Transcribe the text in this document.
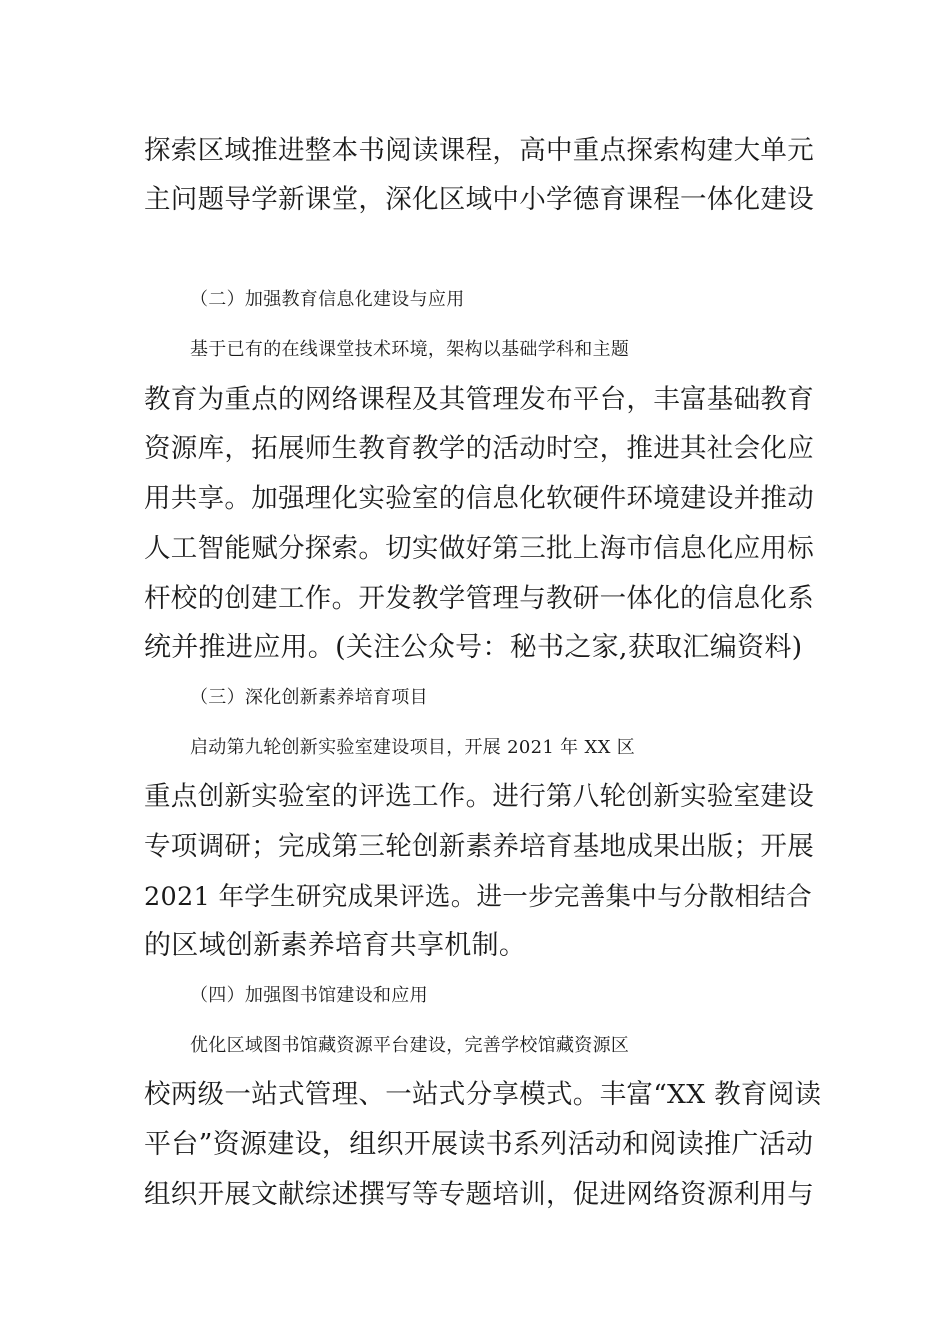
探索区域推进整本书阅读课程，高中重点探索构建大单元
主问题导学新课堂，深化区域中小学德育课程一体化建设
（二）加强教育信息化建设与应用
基于已有的在线课堂技术环境，架构以基础学科和主题
教育为重点的网络课程及其管理发布平台，丰富基础教育
资源库，拓展师生教育教学的活动时空，推进其社会化应
用共享。加强理化实验室的信息化软硬件环境建设并推动
人工智能赋分探索。切实做好第三批上海市信息化应用标
杆校的创建工作。开发教学管理与教研一体化的信息化系
统并推进应用。(关注公众号：秘书之家,获取汇编资料)
（三）深化创新素养培育项目
启动第九轮创新实验室建设项目，开展 2021 年 XX 区
重点创新实验室的评选工作。进行第八轮创新实验室建设
专项调研；完成第三轮创新素养培育基地成果出版；开展
2021 年学生研究成果评选。进一步完善集中与分散相结合
的区域创新素养培育共享机制。
（四）加强图书馆建设和应用
优化区域图书馆藏资源平台建设，完善学校馆藏资源区
校两级一站式管理、一站式分享模式。丰富“XX 教育阅读
平台”资源建设，组织开展读书系列活动和阅读推广活动
组织开展文献综述撰写等专题培训，促进网络资源利用与
